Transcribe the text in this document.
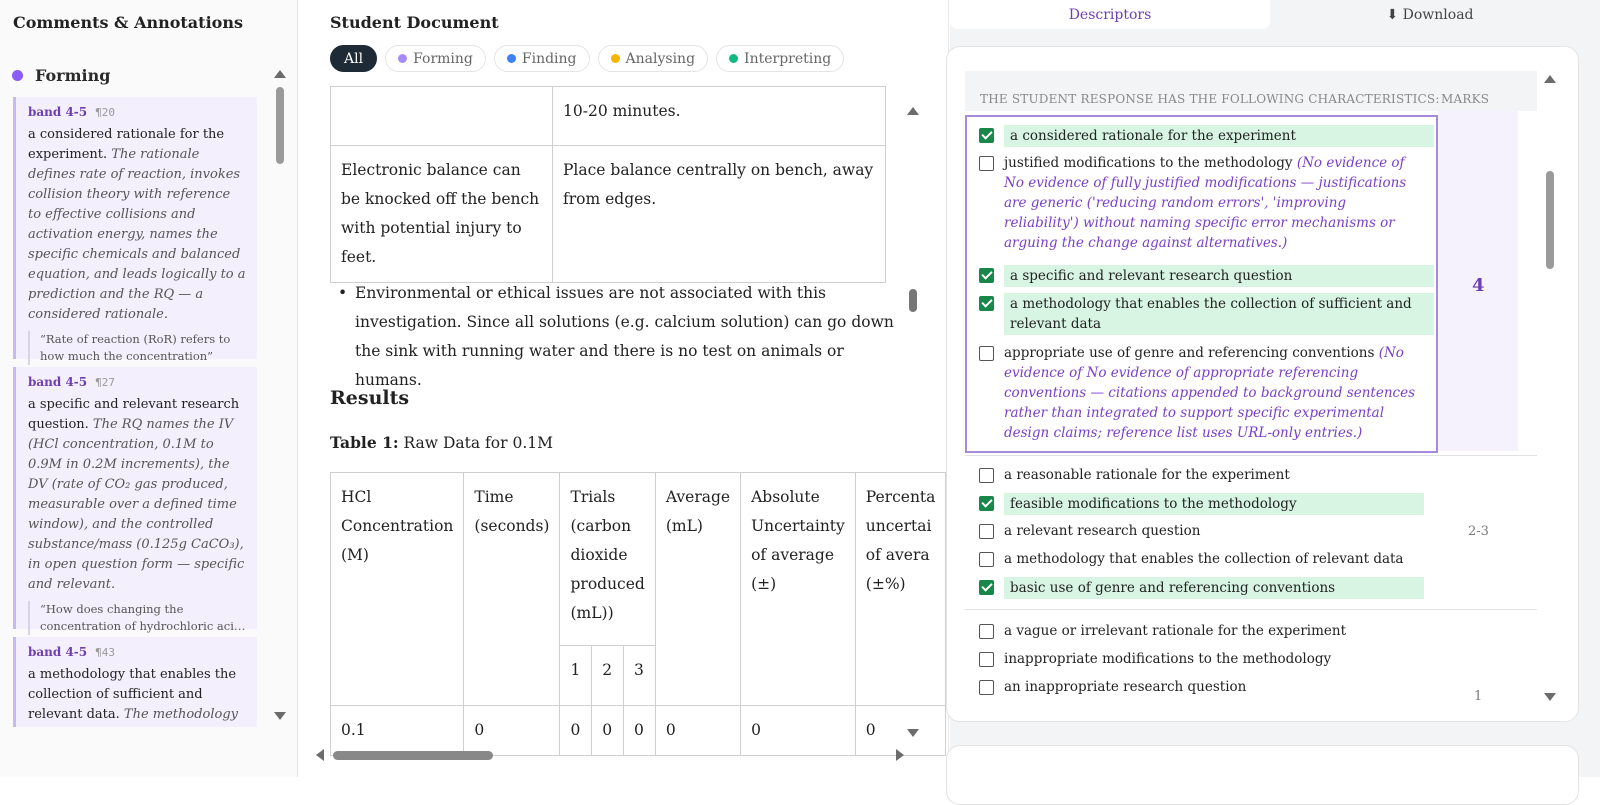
Comments & Annotations
Forming
band 4-5 ¶20
a considered rationale for the experiment. The rationale defines rate of reaction, invokes collision theory with reference to effective collisions and activation energy, names the specific chemicals and balanced equation, and leads logically to a prediction and the RQ — a considered rationale.
“Rate of reaction (RoR) refers to how much the concentration”
band 4-5 ¶27
a specific and relevant research question. The RQ names the IV (HCl concentration, 0.1M to 0.9M in 0.2M increments), the DV (rate of CO₂ gas produced, measurable over a defined time window), and the controlled substance/mass (0.125g CaCO₃), in open question form — specific and relevant.
“How does changing the concentration of hydrochloric aci…
band 4-5 ¶43
a methodology that enables the collection of sufficient and relevant data. The methodology
Student Document
All	Forming	Finding	Analysing	Interpreting
	10-20 minutes.
Electronic balance can be knocked off the bench with potential injury to feet.	Place balance centrally on bench, away from edges.
• Environmental or ethical issues are not associated with this investigation. Since all solutions (e.g. calcium solution) can go down the sink with running water and there is no test on animals or humans.
Results
Table 1: Raw Data for 0.1M
HCl Concentration (M)	Time (seconds)	Trials (carbon dioxide produced (mL))			Average (mL)	Absolute Uncertainty of average (±)	Percenta uncertai of avera (±%)
		1	2	3			
0.1	0	0	0	0	0	0	0
Descriptors	⬇ Download
THE STUDENT RESPONSE HAS THE FOLLOWING CHARACTERISTICS: MARKS
a considered rationale for the experiment
justified modifications to the methodology (No evidence of No evidence of fully justified modifications — justifications are generic ('reducing random errors', 'improving reliability') without naming specific error mechanisms or arguing the change against alternatives.)
a specific and relevant research question
a methodology that enables the collection of sufficient and relevant data
appropriate use of genre and referencing conventions (No evidence of No evidence of appropriate referencing conventions — citations appended to background sentences rather than integrated to support specific experimental design claims; reference list uses URL-only entries.)
4
a reasonable rationale for the experiment
feasible modifications to the methodology
a relevant research question
a methodology that enables the collection of relevant data
basic use of genre and referencing conventions
2-3
a vague or irrelevant rationale for the experiment
inappropriate modifications to the methodology
an inappropriate research question
1
